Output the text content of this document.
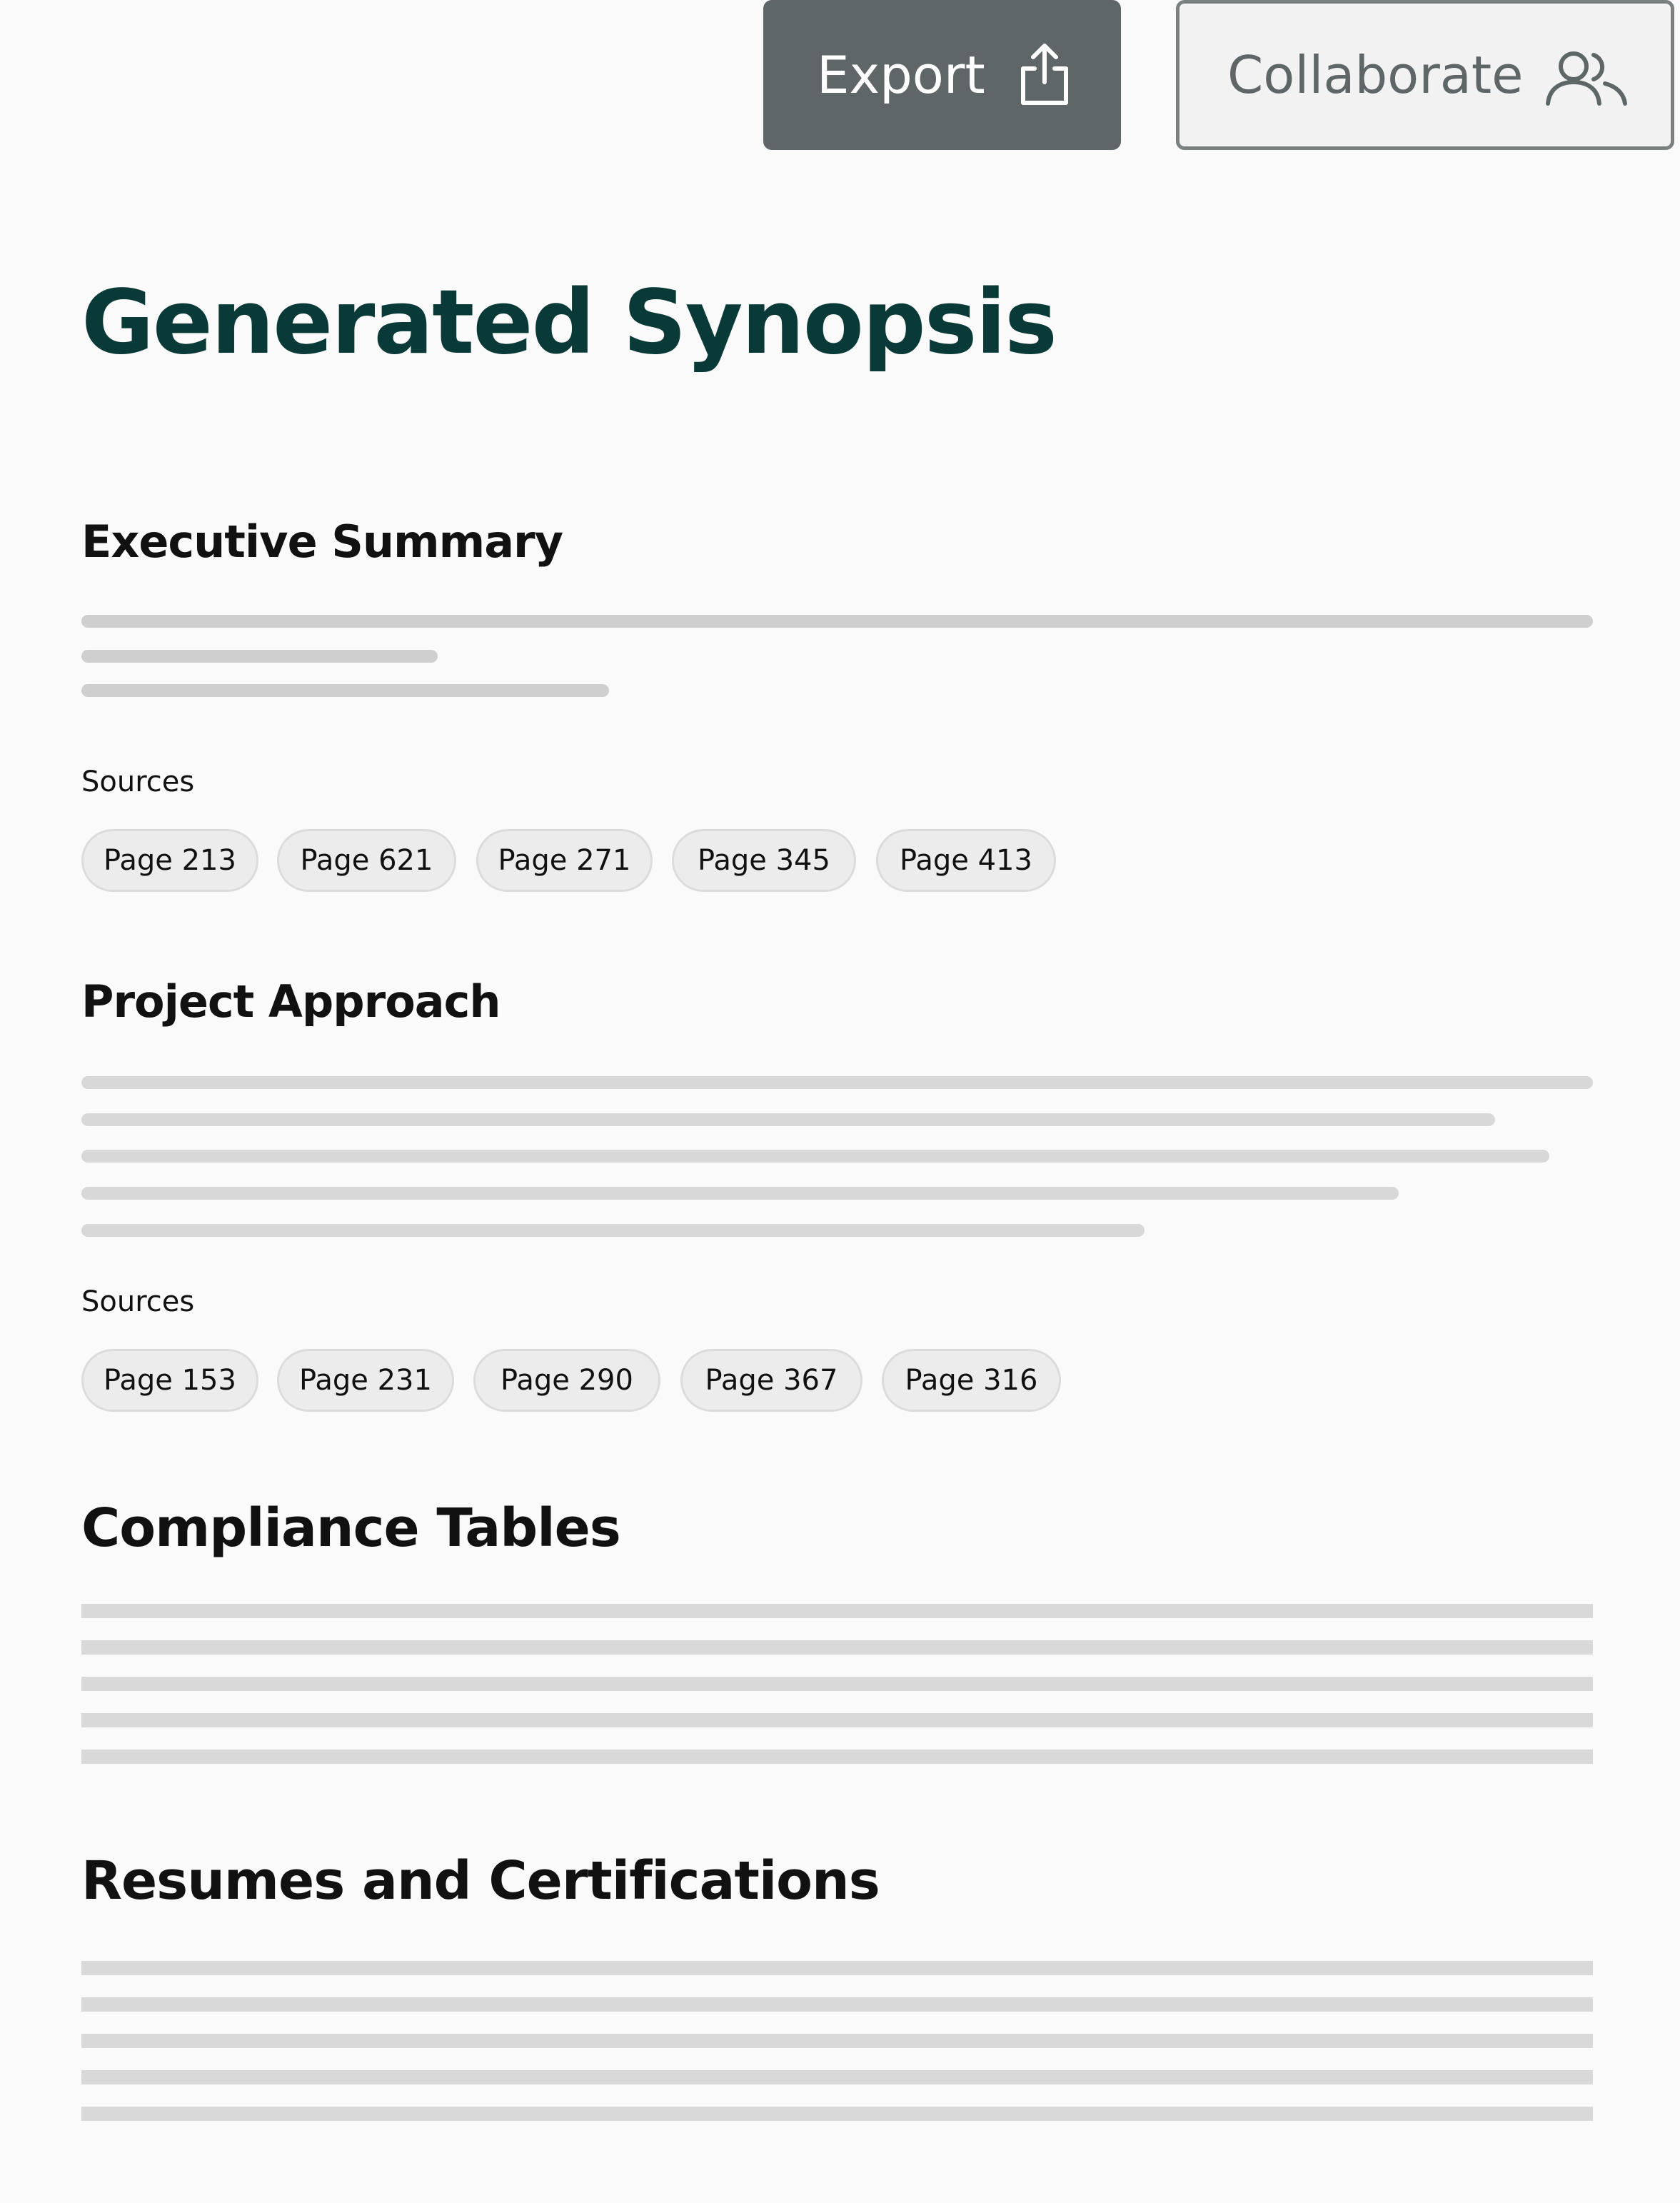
Export	Collaborate
Generated Synopsis
Executive Summary
Sources
Page 213	Page 621	Page 271	Page 345	Page 413
Project Approach
Sources
Page 153	Page 231	Page 290	Page 367	Page 316
Compliance Tables
Resumes and Certifications
